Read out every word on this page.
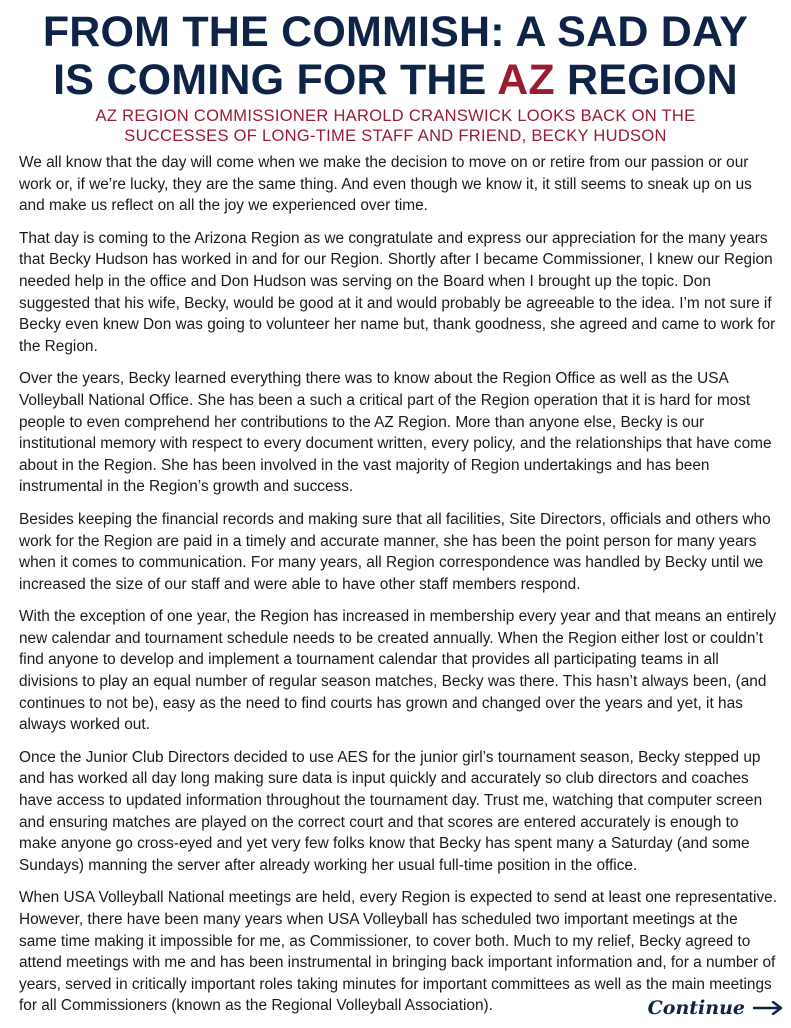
FROM THE COMMISH: A SAD DAY
IS COMING FOR THE AZ REGION
AZ REGION COMMISSIONER HAROLD CRANSWICK LOOKS BACK ON THE
SUCCESSES OF LONG-TIME STAFF AND FRIEND, BECKY HUDSON

We all know that the day will come when we make the decision to move on or retire from our passion or our work or, if we’re lucky, they are the same thing. And even though we know it, it still seems to sneak up on us and make us reflect on all the joy we experienced over time.

That day is coming to the Arizona Region as we congratulate and express our appreciation for the many years that Becky Hudson has worked in and for our Region. Shortly after I became Commissioner, I knew our Region needed help in the office and Don Hudson was serving on the Board when I brought up the topic. Don suggested that his wife, Becky, would be good at it and would probably be agreeable to the idea. I’m not sure if Becky even knew Don was going to volunteer her name but, thank goodness, she agreed and came to work for the Region.

Over the years, Becky learned everything there was to know about the Region Office as well as the USA Volleyball National Office. She has been a such a critical part of the Region operation that it is hard for most people to even comprehend her contributions to the AZ Region. More than anyone else, Becky is our institutional memory with respect to every document written, every policy, and the relationships that have come about in the Region. She has been involved in the vast majority of Region undertakings and has been instrumental in the Region’s growth and success.

Besides keeping the financial records and making sure that all facilities, Site Directors, officials and others who work for the Region are paid in a timely and accurate manner, she has been the point person for many years when it comes to communication. For many years, all Region correspondence was handled by Becky until we increased the size of our staff and were able to have other staff members respond.

With the exception of one year, the Region has increased in membership every year and that means an entirely new calendar and tournament schedule needs to be created annually. When the Region either lost or couldn’t find anyone to develop and implement a tournament calendar that provides all participating teams in all divisions to play an equal number of regular season matches, Becky was there. This hasn’t always been, (and continues to not be), easy as the need to find courts has grown and changed over the years and yet, it has always worked out.

Once the Junior Club Directors decided to use AES for the junior girl’s tournament season, Becky stepped up and has worked all day long making sure data is input quickly and accurately so club directors and coaches have access to updated information throughout the tournament day. Trust me, watching that computer screen and ensuring matches are played on the correct court and that scores are entered accurately is enough to make anyone go cross-eyed and yet very few folks know that Becky has spent many a Saturday (and some Sundays) manning the server after already working her usual full-time position in the office.

When USA Volleyball National meetings are held, every Region is expected to send at least one representative. However, there have been many years when USA Volleyball has scheduled two important meetings at the same time making it impossible for me, as Commissioner, to cover both. Much to my relief, Becky agreed to attend meetings with me and has been instrumental in bringing back important information and, for a number of years, served in critically important roles taking minutes for important committees as well as the main meetings for all Commissioners (known as the Regional Volleyball Association).	Continue
